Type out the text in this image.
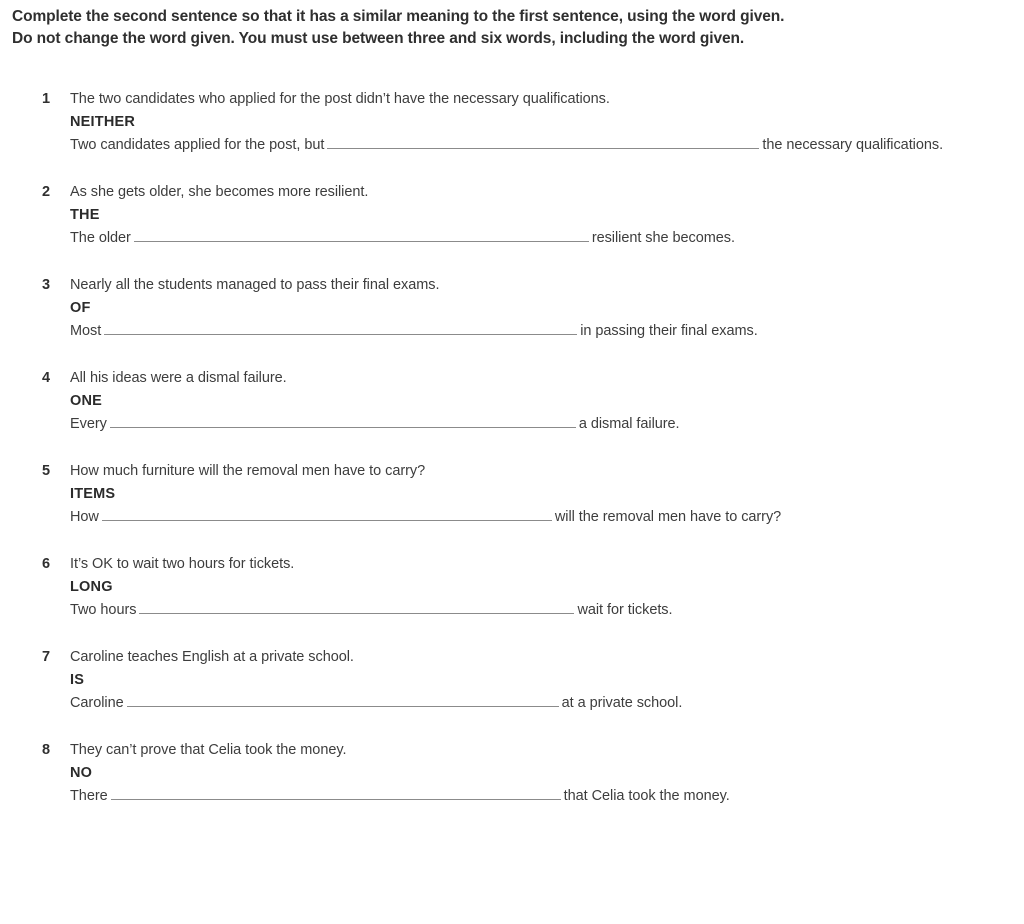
Complete the second sentence so that it has a similar meaning to the first sentence, using the word given.
Do not change the word given. You must use between three and six words, including the word given.
1	The two candidates who applied for the post didn’t have the necessary qualifications.
NEITHER
Two candidates applied for the post, but	the necessary qualifications.
2	As she gets older, she becomes more resilient.
THE
The older	resilient she becomes.
3	Nearly all the students managed to pass their final exams.
OF
Most	in passing their final exams.
4	All his ideas were a dismal failure.
ONE
Every	a dismal failure.
5	How much furniture will the removal men have to carry?
ITEMS
How	will the removal men have to carry?
6	It’s OK to wait two hours for tickets.
LONG
Two hours	wait for tickets.
7	Caroline teaches English at a private school.
IS
Caroline	at a private school.
8	They can’t prove that Celia took the money.
NO
There	that Celia took the money.
